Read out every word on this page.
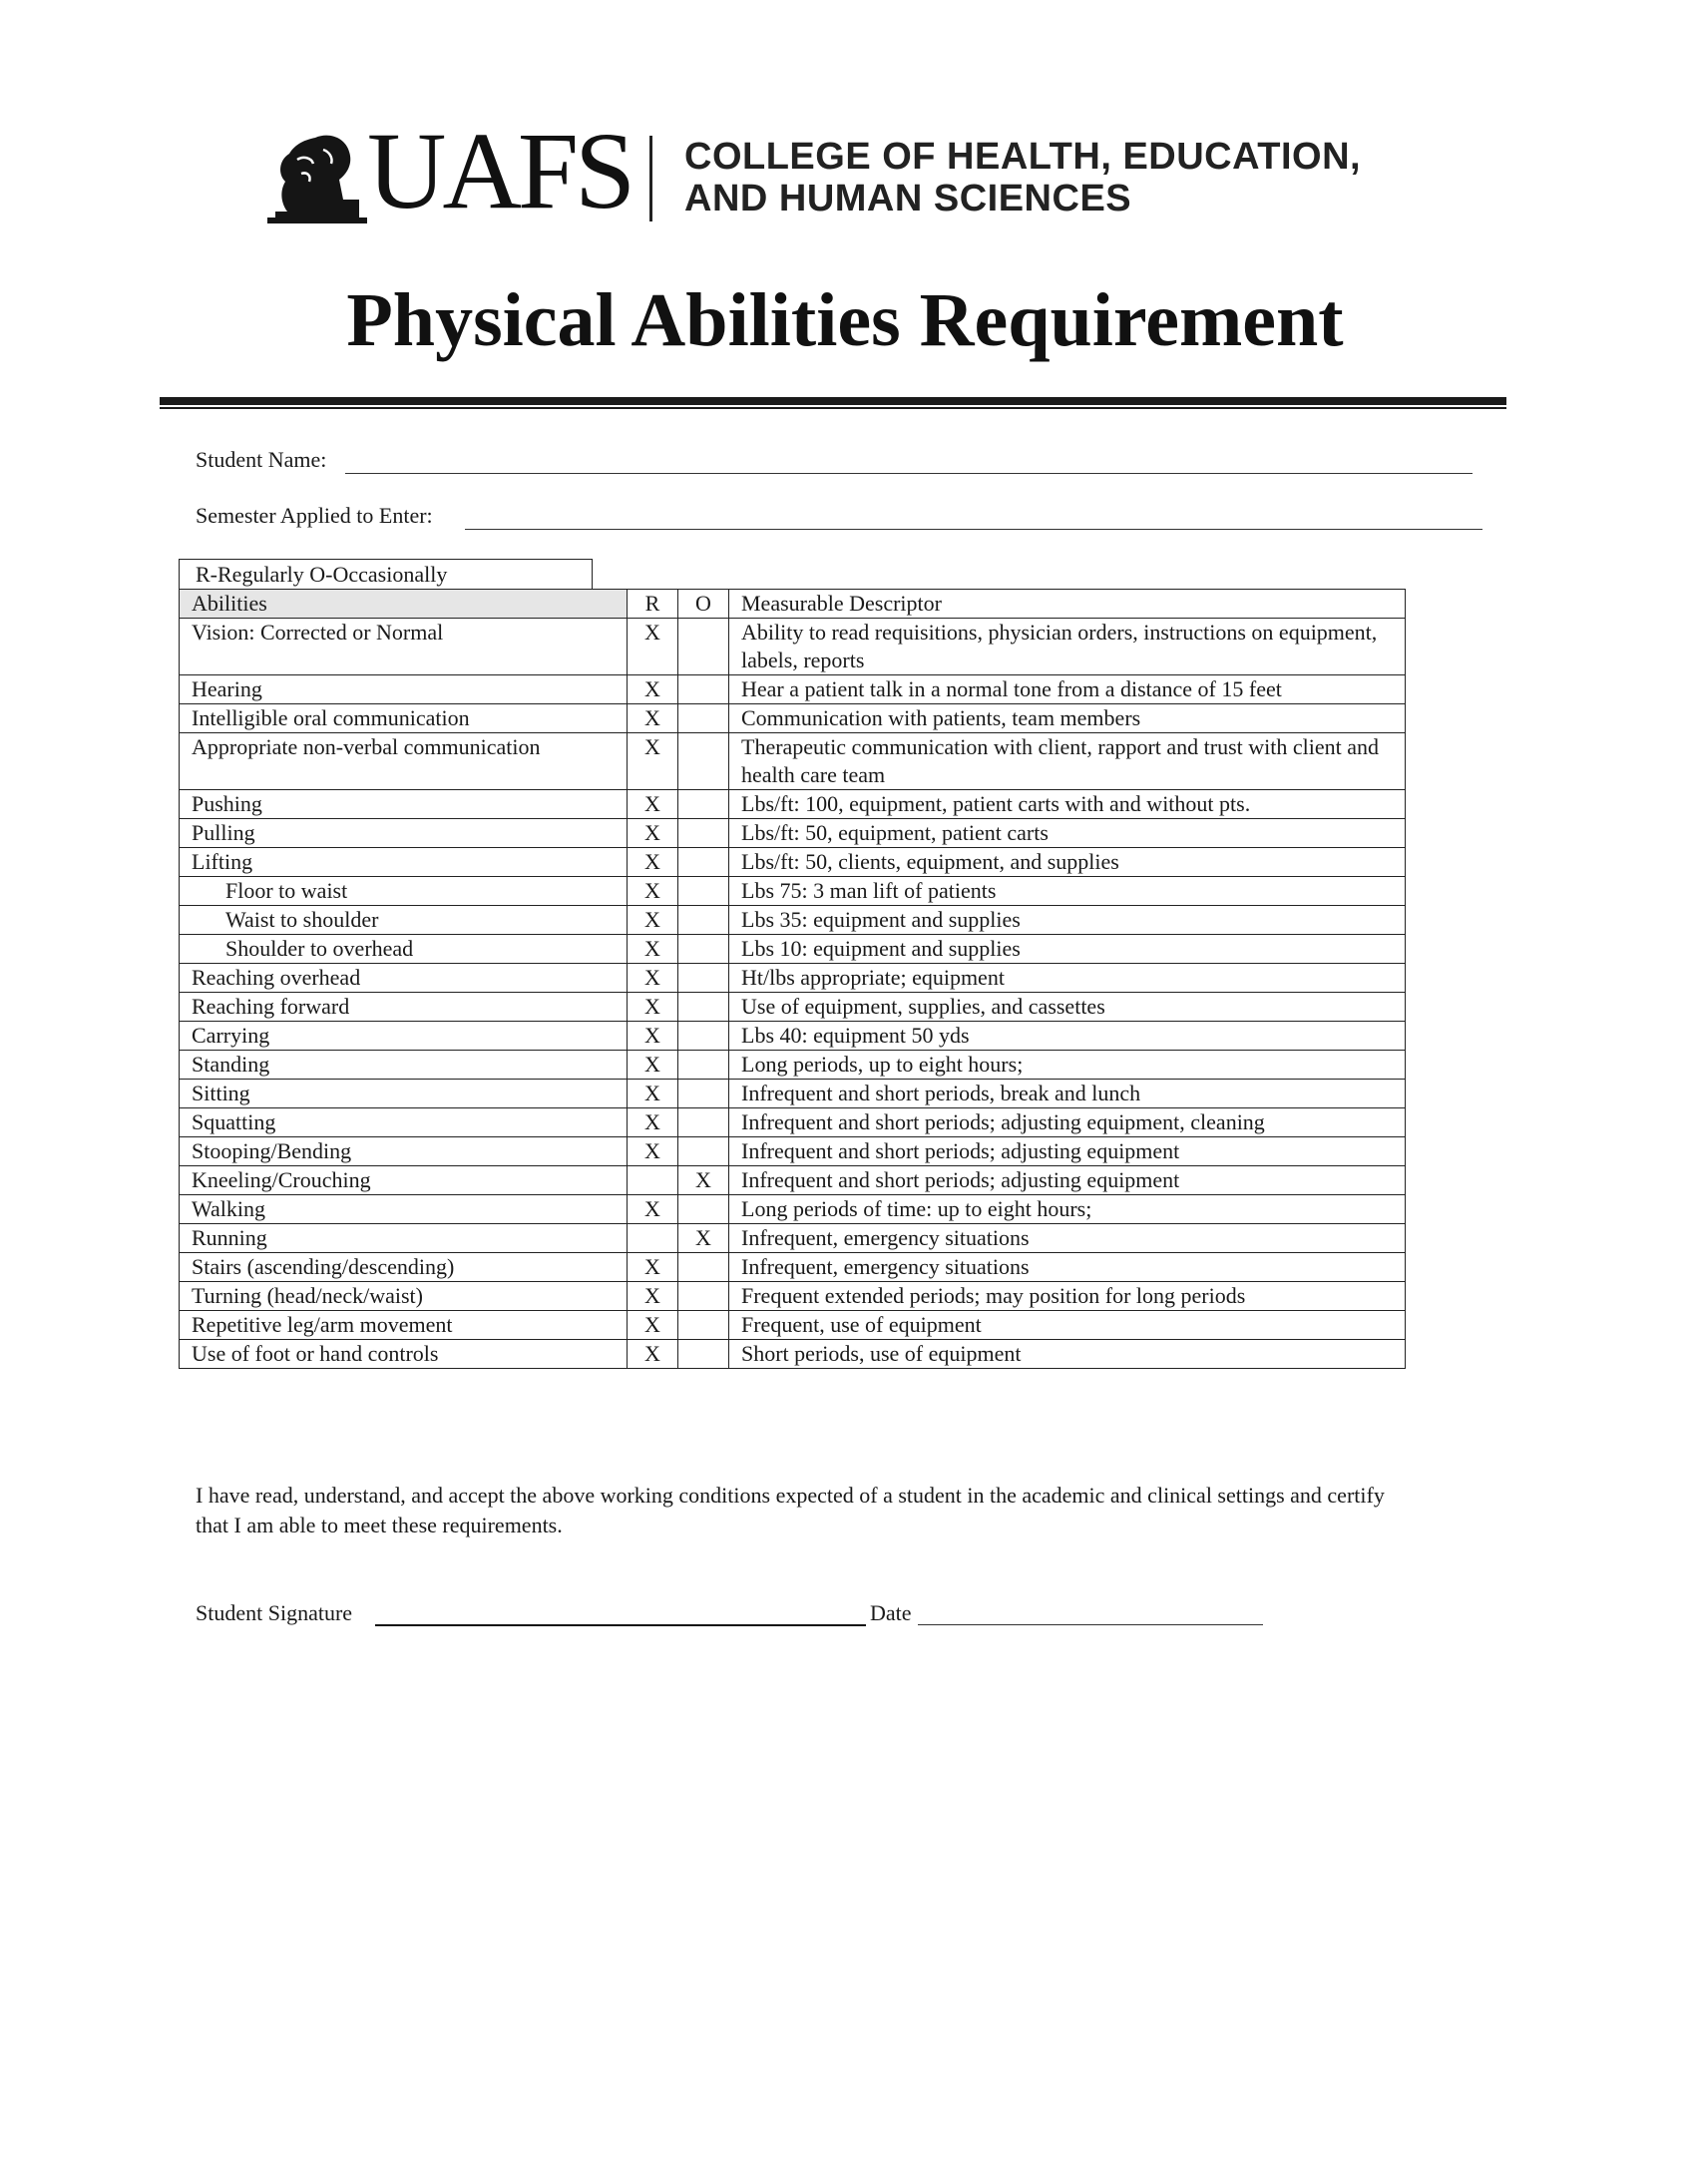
UAFS COLLEGE OF HEALTH, EDUCATION,
AND HUMAN SCIENCES
Physical Abilities Requirement
Student Name:
Semester Applied to Enter:
R-Regularly O-Occasionally
Abilities	R	O	Measurable Descriptor
Vision: Corrected or Normal	X		Ability to read requisitions, physician orders, instructions on equipment, labels, reports
Hearing	X		Hear a patient talk in a normal tone from a distance of 15 feet
Intelligible oral communication	X		Communication with patients, team members
Appropriate non-verbal communication	X		Therapeutic communication with client, rapport and trust with client and health care team
Pushing	X		Lbs/ft: 100, equipment, patient carts with and without pts.
Pulling	X		Lbs/ft: 50, equipment, patient carts
Lifting	X		Lbs/ft: 50, clients, equipment, and supplies
Floor to waist	X		Lbs 75: 3 man lift of patients
Waist to shoulder	X		Lbs 35: equipment and supplies
Shoulder to overhead	X		Lbs 10: equipment and supplies
Reaching overhead	X		Ht/lbs appropriate; equipment
Reaching forward	X		Use of equipment, supplies, and cassettes
Carrying	X		Lbs 40: equipment 50 yds
Standing	X		Long periods, up to eight hours;
Sitting	X		Infrequent and short periods, break and lunch
Squatting	X		Infrequent and short periods; adjusting equipment, cleaning
Stooping/Bending	X		Infrequent and short periods; adjusting equipment
Kneeling/Crouching		X	Infrequent and short periods; adjusting equipment
Walking	X		Long periods of time: up to eight hours;
Running		X	Infrequent, emergency situations
Stairs (ascending/descending)	X		Infrequent, emergency situations
Turning (head/neck/waist)	X		Frequent extended periods; may position for long periods
Repetitive leg/arm movement	X		Frequent, use of equipment
Use of foot or hand controls	X		Short periods, use of equipment
I have read, understand, and accept the above working conditions expected of a student in the academic and clinical settings and certify that I am able to meet these requirements.
Student Signature	Date
